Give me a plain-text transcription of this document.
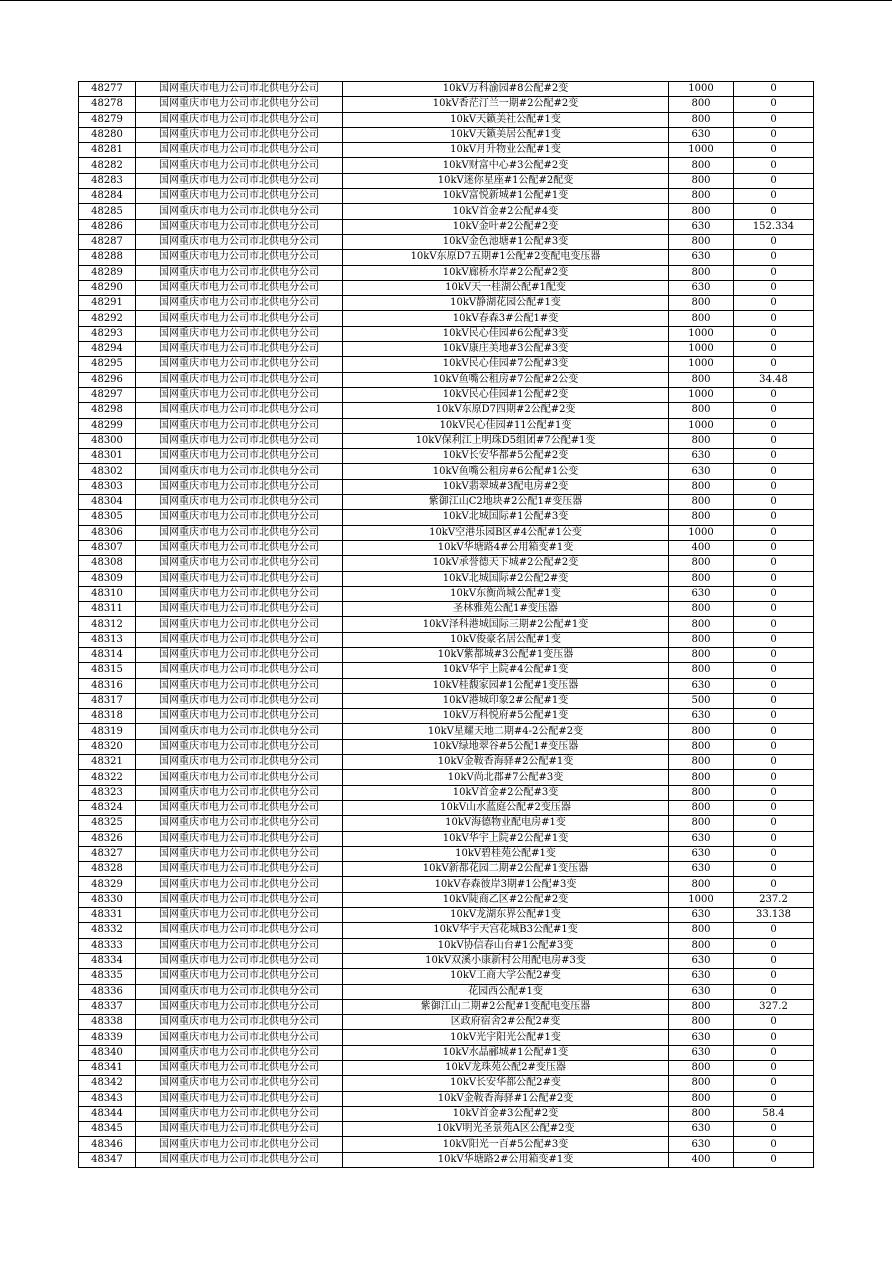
48277	国网重庆市电力公司市北供电分公司	10kV万科渝园#8公配#2变	1000	0
48278	国网重庆市电力公司市北供电分公司	10kV香茫汀兰一期#2公配#2变	800	0
48279	国网重庆市电力公司市北供电分公司	10kV天籁美社公配#1变	800	0
48280	国网重庆市电力公司市北供电分公司	10kV天籁美居公配#1变	630	0
48281	国网重庆市电力公司市北供电分公司	10kV月升物业公配#1变	1000	0
48282	国网重庆市电力公司市北供电分公司	10kV财富中心#3公配#2变	800	0
48283	国网重庆市电力公司市北供电分公司	10kV迷你星座#1公配#2配变	800	0
48284	国网重庆市电力公司市北供电分公司	10kV富悦新城#1公配#1变	800	0
48285	国网重庆市电力公司市北供电分公司	10kV首金#2公配#4变	800	0
48286	国网重庆市电力公司市北供电分公司	10kV金叶#2公配#2变	630	152.334
48287	国网重庆市电力公司市北供电分公司	10kV金色池塘#1公配#3变	800	0
48288	国网重庆市电力公司市北供电分公司	10kV东原D7五期#1公配#2变配电变压器	630	0
48289	国网重庆市电力公司市北供电分公司	10kV廊桥水岸#2公配#2变	800	0
48290	国网重庆市电力公司市北供电分公司	10kV天一桂湖公配#1配变	630	0
48291	国网重庆市电力公司市北供电分公司	10kV静湖花园公配#1变	800	0
48292	国网重庆市电力公司市北供电分公司	10kV春森3#公配1#变	800	0
48293	国网重庆市电力公司市北供电分公司	10kV民心佳园#6公配#3变	1000	0
48294	国网重庆市电力公司市北供电分公司	10kV康庄美地#3公配#3变	1000	0
48295	国网重庆市电力公司市北供电分公司	10kV民心佳园#7公配#3变	1000	0
48296	国网重庆市电力公司市北供电分公司	10kV鱼嘴公租房#7公配#2公变	800	34.48
48297	国网重庆市电力公司市北供电分公司	10kV民心佳园#1公配#2变	1000	0
48298	国网重庆市电力公司市北供电分公司	10kV东原D7四期#2公配#2变	800	0
48299	国网重庆市电力公司市北供电分公司	10kV民心佳园#11公配#1变	1000	0
48300	国网重庆市电力公司市北供电分公司	10kV保利江上明珠D5组团#7公配#1变	800	0
48301	国网重庆市电力公司市北供电分公司	10kV长安华都#5公配#2变	630	0
48302	国网重庆市电力公司市北供电分公司	10kV鱼嘴公租房#6公配#1公变	630	0
48303	国网重庆市电力公司市北供电分公司	10kV翡翠城#3配电房#2变	800	0
48304	国网重庆市电力公司市北供电分公司	紫御江山C2地块#2公配1#变压器	800	0
48305	国网重庆市电力公司市北供电分公司	10kV北城国际#1公配#3变	800	0
48306	国网重庆市电力公司市北供电分公司	10kV空港乐园B区#4公配#1公变	1000	0
48307	国网重庆市电力公司市北供电分公司	10kV华塘路4#公用箱变#1变	400	0
48308	国网重庆市电力公司市北供电分公司	10kV承誉德天下城#2公配#2变	800	0
48309	国网重庆市电力公司市北供电分公司	10kV北城国际#2公配2#变	800	0
48310	国网重庆市电力公司市北供电分公司	10kV东衡尚城公配#1变	630	0
48311	国网重庆市电力公司市北供电分公司	圣林雅苑公配1#变压器	800	0
48312	国网重庆市电力公司市北供电分公司	10kV泽科港城国际三期#2公配#1变	800	0
48313	国网重庆市电力公司市北供电分公司	10kV俊豪名居公配#1变	800	0
48314	国网重庆市电力公司市北供电分公司	10kV紫都城#3公配#1变压器	800	0
48315	国网重庆市电力公司市北供电分公司	10kV华宇上院#4公配#1变	800	0
48316	国网重庆市电力公司市北供电分公司	10kV桂馥家园#1公配#1变压器	630	0
48317	国网重庆市电力公司市北供电分公司	10kV港城印象2#公配#1变	500	0
48318	国网重庆市电力公司市北供电分公司	10kV万科悦府#5公配#1变	630	0
48319	国网重庆市电力公司市北供电分公司	10kV星耀天地二期#4-2公配#2变	800	0
48320	国网重庆市电力公司市北供电分公司	10kV绿地翠谷#5公配1#变压器	800	0
48321	国网重庆市电力公司市北供电分公司	10kV金鞍香海驿#2公配#1变	800	0
48322	国网重庆市电力公司市北供电分公司	10kV尚北郡#7公配#3变	800	0
48323	国网重庆市电力公司市北供电分公司	10kV首金#2公配#3变	800	0
48324	国网重庆市电力公司市北供电分公司	10kV山水蓝庭公配#2变压器	800	0
48325	国网重庆市电力公司市北供电分公司	10kV海德物业配电房#1变	800	0
48326	国网重庆市电力公司市北供电分公司	10kV华宇上院#2公配#1变	630	0
48327	国网重庆市电力公司市北供电分公司	10kV碧桂苑公配#1变	630	0
48328	国网重庆市电力公司市北供电分公司	10kV新都花园二期#2公配#1变压器	630	0
48329	国网重庆市电力公司市北供电分公司	10kV春森彼岸3期#1公配#3变	800	0
48330	国网重庆市电力公司市北供电分公司	10kV陡商乙区#2公配#2变	1000	237.2
48331	国网重庆市电力公司市北供电分公司	10kV龙湖东界公配#1变	630	33.138
48332	国网重庆市电力公司市北供电分公司	10kV华宇天宫花城B3公配#1变	800	0
48333	国网重庆市电力公司市北供电分公司	10kV协信春山台#1公配#3变	800	0
48334	国网重庆市电力公司市北供电分公司	10kV双溪小康新村公用配电房#3变	630	0
48335	国网重庆市电力公司市北供电分公司	10kV工商大学公配2#变	630	0
48336	国网重庆市电力公司市北供电分公司	花园西公配#1变	630	0
48337	国网重庆市电力公司市北供电分公司	紫御江山二期#2公配#1变配电变压器	800	327.2
48338	国网重庆市电力公司市北供电分公司	区政府宿舍2#公配2#变	800	0
48339	国网重庆市电力公司市北供电分公司	10kV光宇阳光公配#1变	630	0
48340	国网重庆市电力公司市北供电分公司	10kV水晶郦城#1公配#1变	630	0
48341	国网重庆市电力公司市北供电分公司	10kV龙珠苑公配2#变压器	800	0
48342	国网重庆市电力公司市北供电分公司	10kV长安华都公配2#变	800	0
48343	国网重庆市电力公司市北供电分公司	10kV金鞍香海驿#1公配#2变	800	0
48344	国网重庆市电力公司市北供电分公司	10kV首金#3公配#2变	800	58.4
48345	国网重庆市电力公司市北供电分公司	10kV明光圣景苑A区公配#2变	630	0
48346	国网重庆市电力公司市北供电分公司	10kV阳光一百#5公配#3变	630	0
48347	国网重庆市电力公司市北供电分公司	10kV华塘路2#公用箱变#1变	400	0
